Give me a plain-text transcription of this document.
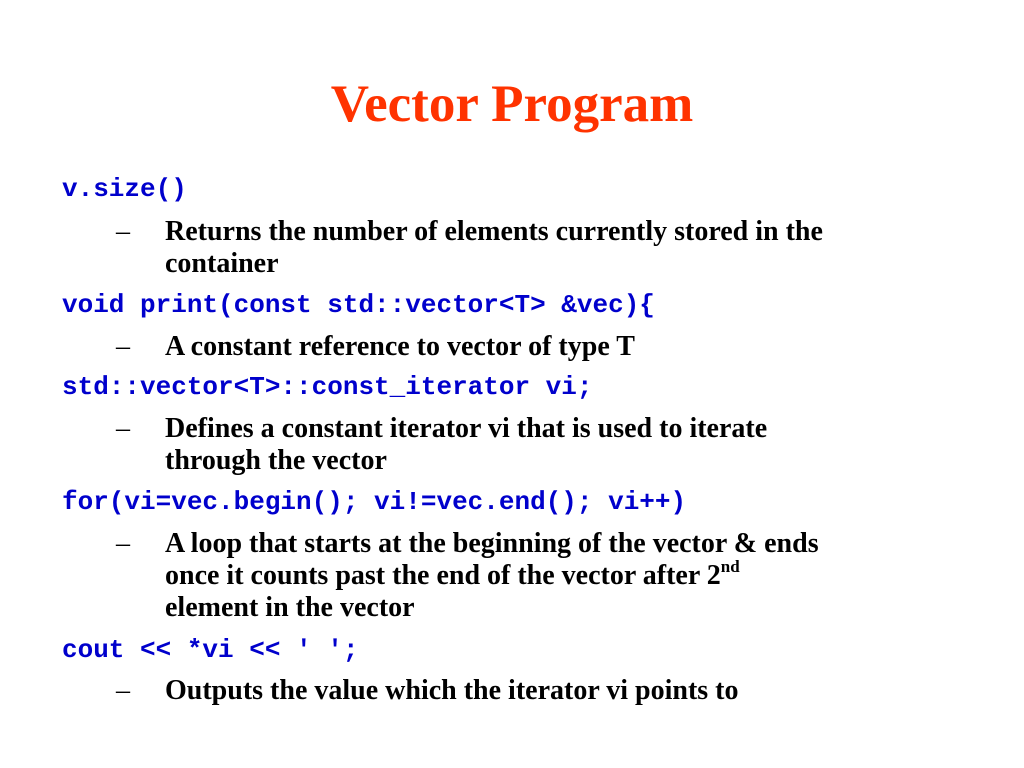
Vector Program
v.size()
– Returns the number of elements currently stored in the
container
void print(const std::vector<T> &vec){
– A constant reference to vector of type T
std::vector<T>::const_iterator vi;
– Defines a constant iterator vi that is used to iterate
through the vector
for(vi=vec.begin(); vi!=vec.end(); vi++)
– A loop that starts at the beginning of the vector & ends
once it counts past the end of the vector after 2nd
element in the vector
cout << *vi << ' ';
– Outputs the value which the iterator vi points to
